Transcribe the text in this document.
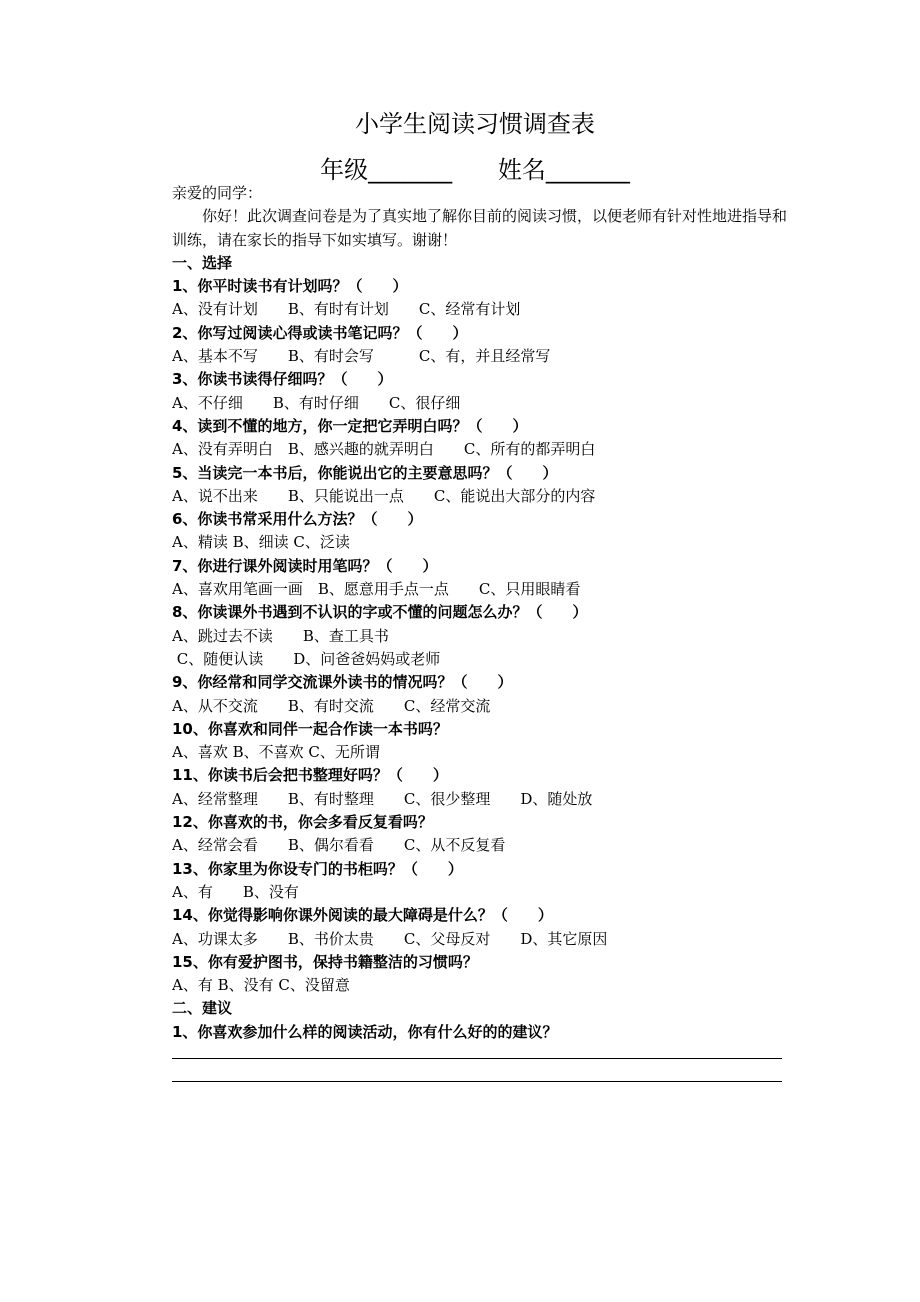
小学生阅读习惯调查表
年级_______ 姓名_______
亲爱的同学：
你好！此次调查问卷是为了真实地了解你目前的阅读习惯，以便老师有针对性地进指导和训练，请在家长的指导下如实填写。谢谢！
一、选择
1、你平时读书有计划吗？（　　）
A、没有计划　　B、有时有计划　　C、经常有计划
2、你写过阅读心得或读书笔记吗？（　　）
A、基本不写　　B、有时会写　　　C、有，并且经常写
3、你读书读得仔细吗？（　　）
A、不仔细　　B、有时仔细　　C、很仔细
4、读到不懂的地方，你一定把它弄明白吗？（　　）
A、没有弄明白　B、感兴趣的就弄明白　　C、所有的都弄明白
5、当读完一本书后，你能说出它的主要意思吗？（　　）
A、说不出来　　B、只能说出一点　　C、能说出大部分的内容
6、你读书常采用什么方法？（　　）
A、精读 B、细读 C、泛读
7、你进行课外阅读时用笔吗？（　　）
A、喜欢用笔画一画　B、愿意用手点一点　　C、只用眼睛看
8、你读课外书遇到不认识的字或不懂的问题怎么办？（　　）
A、跳过去不读　　B、查工具书
C、随便认读　　D、问爸爸妈妈或老师
9、你经常和同学交流课外读书的情况吗？（　　）
A、从不交流　　B、有时交流　　C、经常交流
10、你喜欢和同伴一起合作读一本书吗？
A、喜欢 B、不喜欢 C、无所谓
11、你读书后会把书整理好吗？（　　）
A、经常整理　　B、有时整理　　C、很少整理　　D、随处放
12、你喜欢的书，你会多看反复看吗？
A、经常会看　　B、偶尔看看　　C、从不反复看
13、你家里为你设专门的书柜吗？（　　）
A、有　　B、没有
14、你觉得影响你课外阅读的最大障碍是什么？（　　）
A、功课太多　　B、书价太贵　　C、父母反对　　D、其它原因
15、你有爱护图书，保持书籍整洁的习惯吗？
A、有 B、没有 C、没留意
二、建议
1、你喜欢参加什么样的阅读活动，你有什么好的的建议？
